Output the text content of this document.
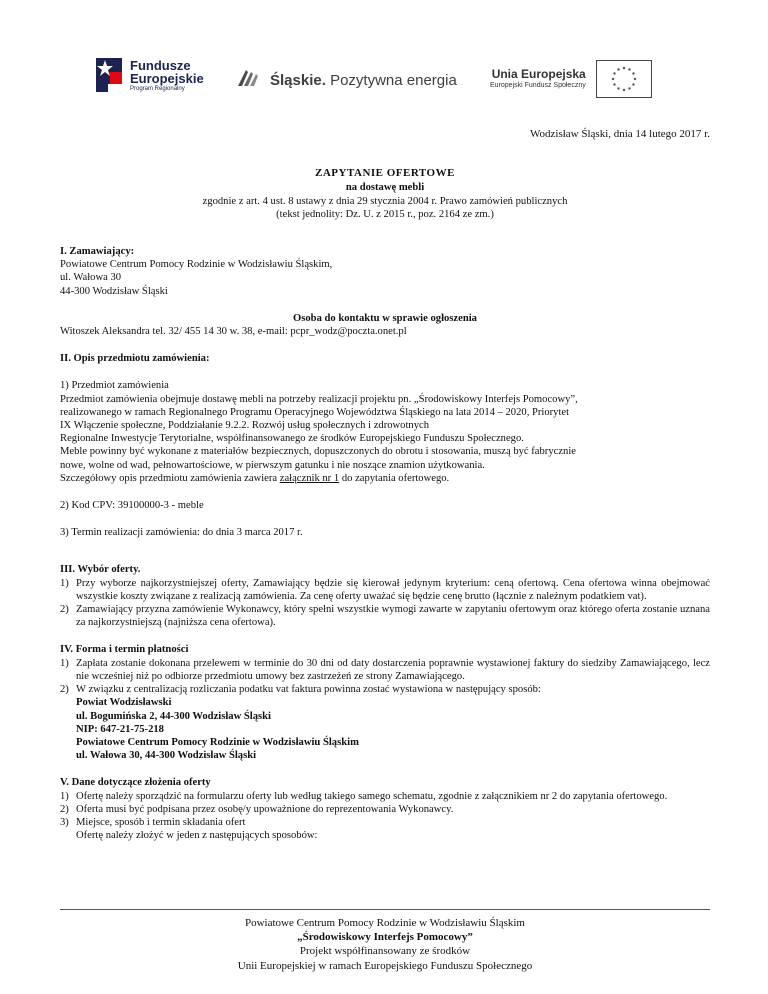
Fundusze
Europejskie
Program Regionalny	Śląskie. Pozytywna energia	Unia Europejska
Europejski Fundusz Społeczny
Wodzisław Śląski, dnia 14 lutego 2017 r.
ZAPYTANIE OFERTOWE
na dostawę mebli
zgodnie z art. 4 ust. 8 ustawy z dnia 29 stycznia 2004 r. Prawo zamówień publicznych
(tekst jednolity: Dz. U. z 2015 r., poz. 2164 ze zm.)
I. Zamawiający:
Powiatowe Centrum Pomocy Rodzinie w Wodzisławiu Śląskim,
ul. Wałowa 30
44-300 Wodzisław Śląski
Osoba do kontaktu w sprawie ogłoszenia
Witoszek Aleksandra tel. 32/ 455 14 30 w. 38, e-mail: pcpr_wodz@poczta.onet.pl
II. Opis przedmiotu zamówienia:
1) Przedmiot zamówienia
Przedmiot zamówienia obejmuje dostawę mebli na potrzeby realizacji projektu pn. „Środowiskowy Interfejs Pomocowy”,
realizowanego w ramach Regionalnego Programu Operacyjnego Województwa Śląskiego na lata 2014 – 2020, Priorytet
IX Włączenie społeczne, Poddziałanie 9.2.2. Rozwój usług społecznych i zdrowotnych
Regionalne Inwestycje Terytorialne, współfinansowanego ze środków Europejskiego Funduszu Społecznego.
Meble powinny być wykonane z materiałów bezpiecznych, dopuszczonych do obrotu i stosowania, muszą być fabrycznie
nowe, wolne od wad, pełnowartościowe, w pierwszym gatunku i nie noszące znamion użytkowania.
Szczegółowy opis przedmiotu zamówienia zawiera załącznik nr 1 do zapytania ofertowego.
2) Kod CPV: 39100000-3 - meble
3) Termin realizacji zamówienia: do dnia 3 marca 2017 r.
III. Wybór oferty.
1) Przy wyborze najkorzystniejszej oferty, Zamawiający będzie się kierował jedynym kryterium: ceną ofertową. Cena ofertowa winna obejmować wszystkie koszty związane z realizacją zamówienia. Za cenę oferty uważać się będzie cenę brutto (łącznie z należnym podatkiem vat).
2) Zamawiający przyzna zamówienie Wykonawcy, który spełni wszystkie wymogi zawarte w zapytaniu ofertowym oraz którego oferta zostanie uznana za najkorzystniejszą (najniższa cena ofertowa).
IV. Forma i termin płatności
1) Zapłata zostanie dokonana przelewem w terminie do 30 dni od daty dostarczenia poprawnie wystawionej faktury do siedziby Zamawiającego, lecz nie wcześniej niż po odbiorze przedmiotu umowy bez zastrzeżeń ze strony Zamawiającego.
2) W związku z centralizacją rozliczania podatku vat faktura powinna zostać wystawiona w następujący sposób:
Powiat Wodzisławski
ul. Bogumińska 2, 44-300 Wodzisław Śląski
NIP: 647-21-75-218
Powiatowe Centrum Pomocy Rodzinie w Wodzisławiu Śląskim
ul. Wałowa 30, 44-300 Wodzisław Śląski
V. Dane dotyczące złożenia oferty
1) Ofertę należy sporządzić na formularzu oferty lub według takiego samego schematu, zgodnie z załącznikiem nr 2 do zapytania ofertowego.
2) Oferta musi być podpisana przez osobę/y upoważnione do reprezentowania Wykonawcy.
3) Miejsce, sposób i termin składania ofert
Ofertę należy złożyć w jeden z następujących sposobów:
Powiatowe Centrum Pomocy Rodzinie w Wodzisławiu Śląskim
„Środowiskowy Interfejs Pomocowy”
Projekt współfinansowany ze środków
Unii Europejskiej w ramach Europejskiego Funduszu Społecznego
